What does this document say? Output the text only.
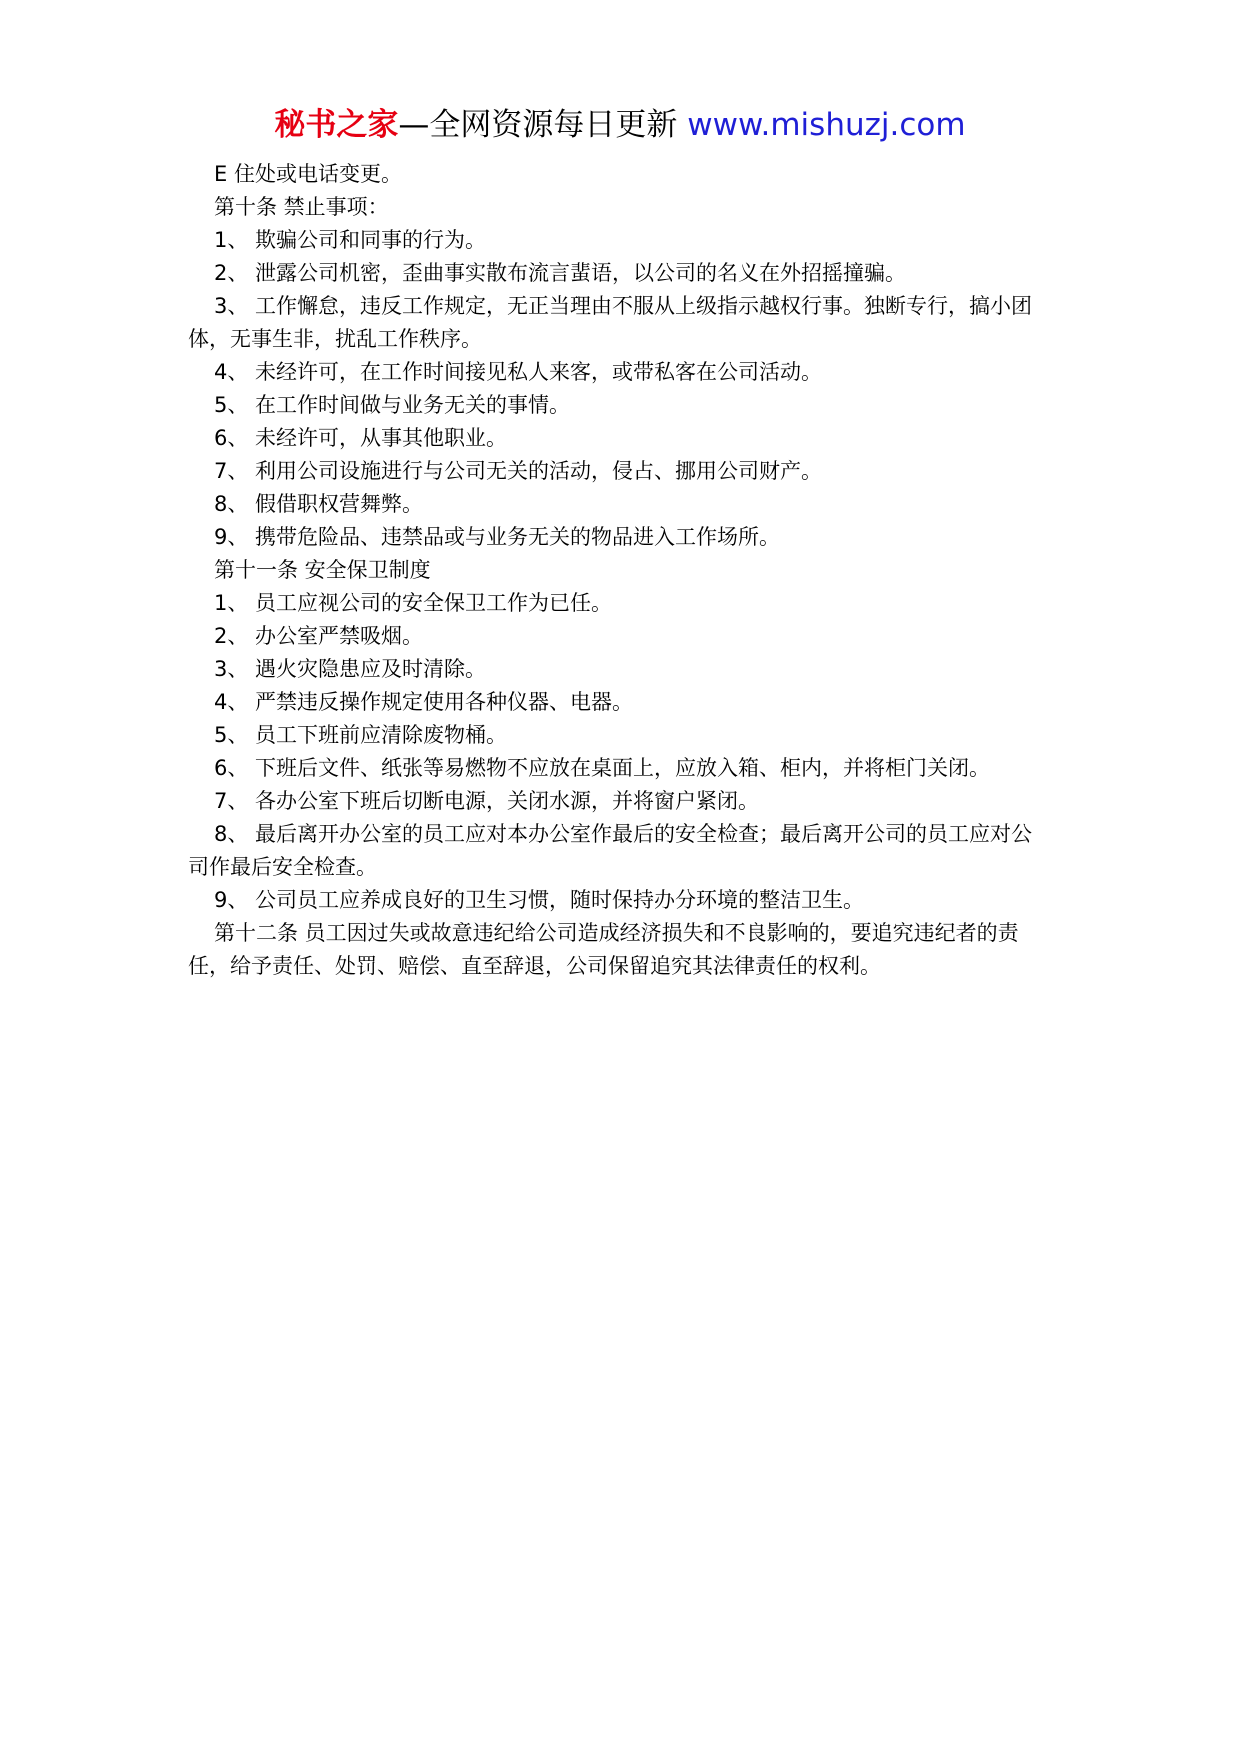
秘书之家—全网资源每日更新 www.mishuzj.com

E 住处或电话变更。

第十条 禁止事项：

1、 欺骗公司和同事的行为。

2、 泄露公司机密，歪曲事实散布流言蜚语，以公司的名义在外招摇撞骗。

3、 工作懈怠，违反工作规定，无正当理由不服从上级指示越权行事。独断专行，搞小团体，无事生非，扰乱工作秩序。

4、 未经许可，在工作时间接见私人来客，或带私客在公司活动。

5、 在工作时间做与业务无关的事情。

6、 未经许可，从事其他职业。

7、 利用公司设施进行与公司无关的活动，侵占、挪用公司财产。

8、 假借职权营舞弊。

9、 携带危险品、违禁品或与业务无关的物品进入工作场所。

第十一条 安全保卫制度

1、 员工应视公司的安全保卫工作为已任。

2、 办公室严禁吸烟。

3、 遇火灾隐患应及时清除。

4、 严禁违反操作规定使用各种仪器、电器。

5、 员工下班前应清除废物桶。

6、 下班后文件、纸张等易燃物不应放在桌面上，应放入箱、柜内，并将柜门关闭。

7、 各办公室下班后切断电源，关闭水源，并将窗户紧闭。

8、 最后离开办公室的员工应对本办公室作最后的安全检查；最后离开公司的员工应对公司作最后安全检查。

9、 公司员工应养成良好的卫生习惯，随时保持办分环境的整洁卫生。

第十二条 员工因过失或故意违纪给公司造成经济损失和不良影响的，要追究违纪者的责任，给予责任、处罚、赔偿、直至辞退，公司保留追究其法律责任的权利。
